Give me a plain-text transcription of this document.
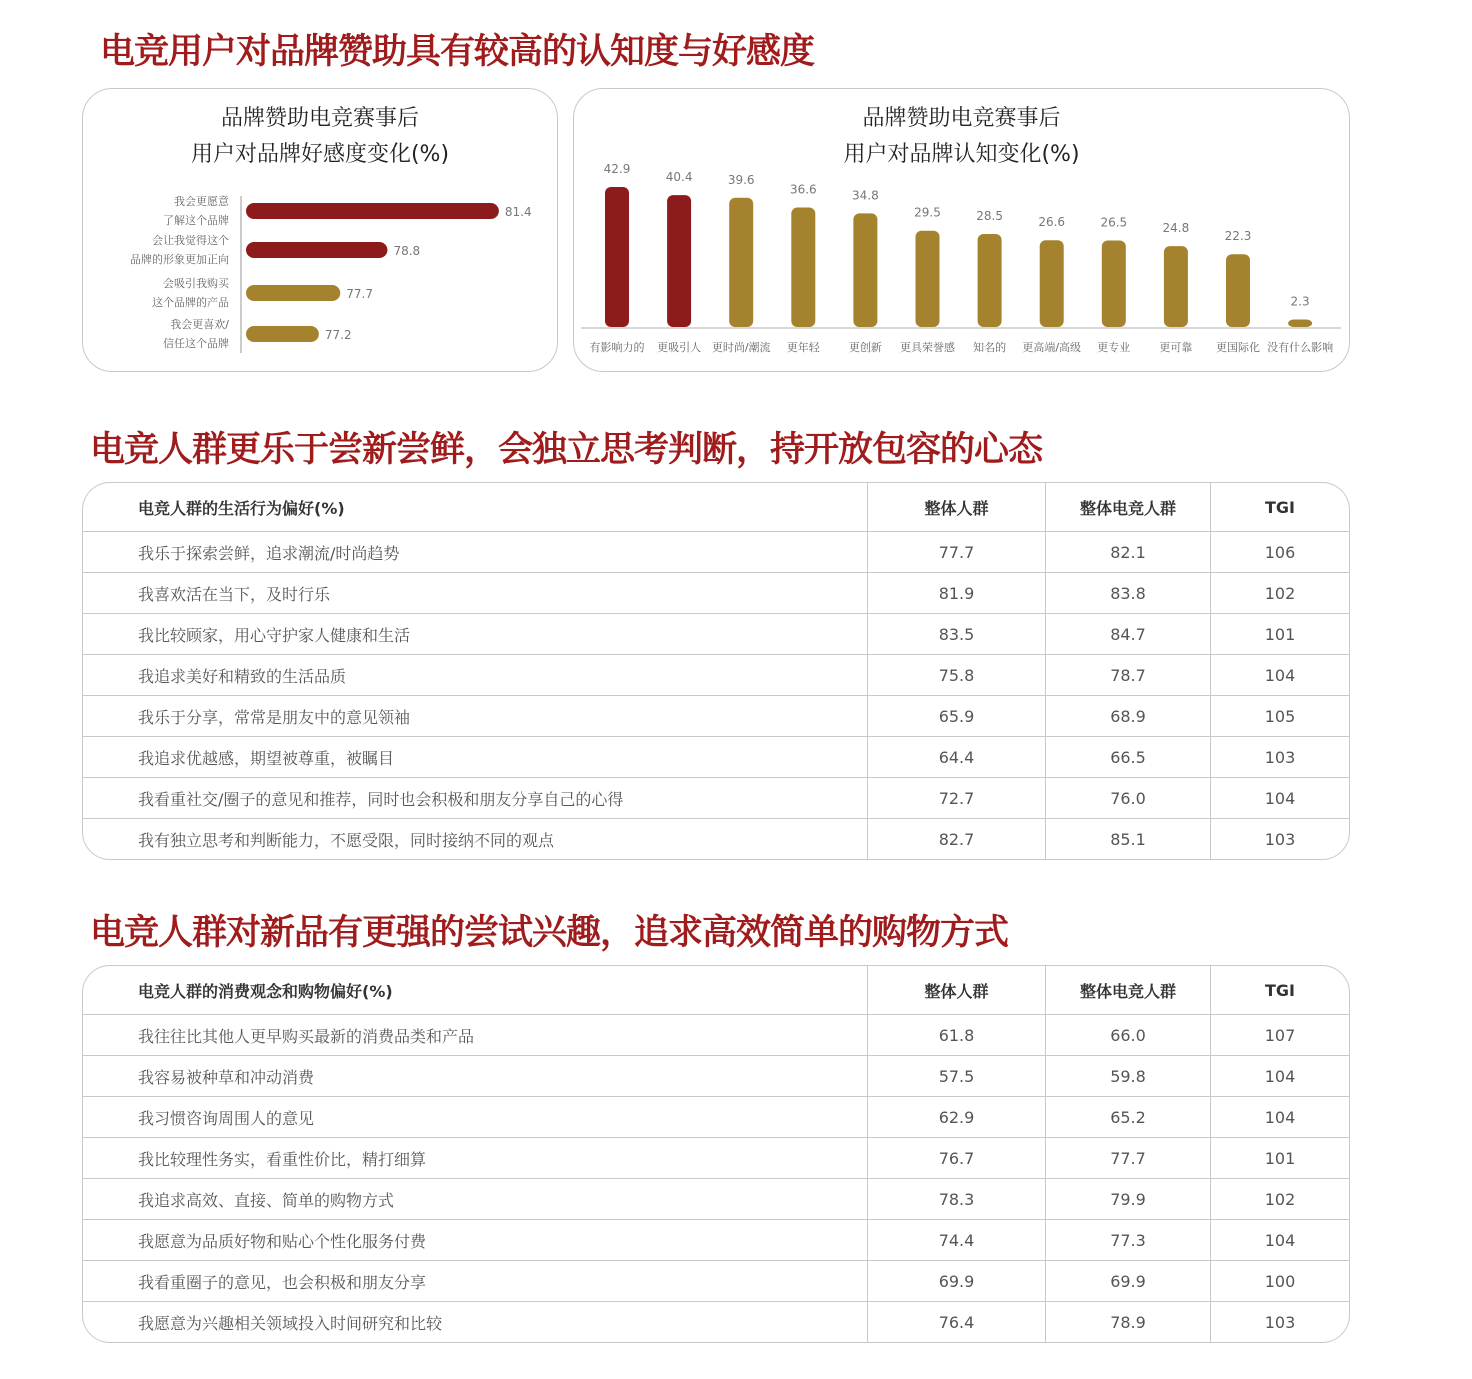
电竞用户对品牌赞助具有较高的认知度与好感度
品牌赞助电竞赛事后
用户对品牌好感度变化(%)
81.4
我会更愿意
了解这个品牌
78.8
会让我觉得这个
品牌的形象更加正向
77.7
会吸引我购买
这个品牌的产品
77.2
我会更喜欢/
信任这个品牌
品牌赞助电竞赛事后
用户对品牌认知变化(%)
42.9
有影响力的
40.4
更吸引人
39.6
更时尚/潮流
36.6
更年轻
34.8
更创新
29.5
更具荣誉感
28.5
知名的
26.6
更高端/高级
26.5
更专业
24.8
更可靠
22.3
更国际化
2.3
没有什么影响
电竞人群更乐于尝新尝鲜，会独立思考判断，持开放包容的心态
电竞人群的生活行为偏好(%)	整体人群	整体电竞人群	TGI
我乐于探索尝鲜，追求潮流/时尚趋势	77.7	82.1	106
我喜欢活在当下，及时行乐	81.9	83.8	102
我比较顾家，用心守护家人健康和生活	83.5	84.7	101
我追求美好和精致的生活品质	75.8	78.7	104
我乐于分享，常常是朋友中的意见领袖	65.9	68.9	105
我追求优越感，期望被尊重，被瞩目	64.4	66.5	103
我看重社交/圈子的意见和推荐，同时也会积极和朋友分享自己的心得	72.7	76.0	104
我有独立思考和判断能力，不愿受限，同时接纳不同的观点	82.7	85.1	103
电竞人群对新品有更强的尝试兴趣，追求高效简单的购物方式
电竞人群的消费观念和购物偏好(%)	整体人群	整体电竞人群	TGI
我往往比其他人更早购买最新的消费品类和产品	61.8	66.0	107
我容易被种草和冲动消费	57.5	59.8	104
我习惯咨询周围人的意见	62.9	65.2	104
我比较理性务实，看重性价比，精打细算	76.7	77.7	101
我追求高效、直接、简单的购物方式	78.3	79.9	102
我愿意为品质好物和贴心个性化服务付费	74.4	77.3	104
我看重圈子的意见，也会积极和朋友分享	69.9	69.9	100
我愿意为兴趣相关领域投入时间研究和比较	76.4	78.9	103
